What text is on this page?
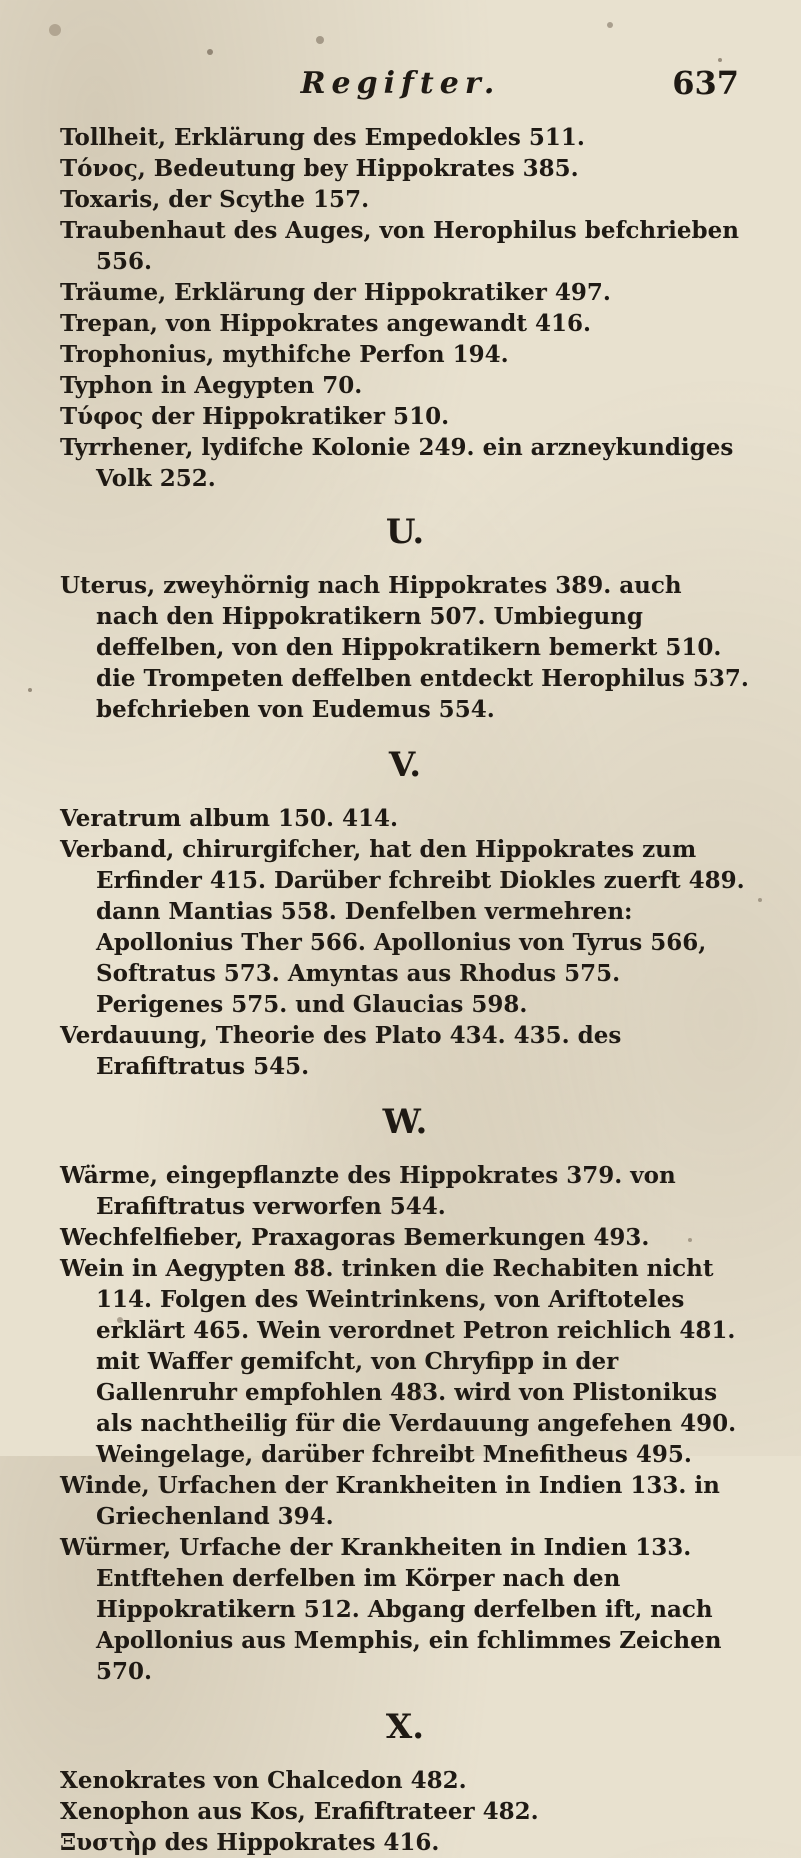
Regifter.	637

Tollheit, Erklärung des Empedokles 511.

Τόνος, Bedeutung bey Hippokrates 385.

Toxaris, der Scythe 157.

Traubenhaut des Auges, von Herophilus befchrieben 556.

Träume, Erklärung der Hippokratiker 497.

Trepan, von Hippokrates angewandt 416.

Trophonius, mythifche Perfon 194.

Typhon in Aegypten 70.

Τύφος der Hippokratiker 510.

Tyrrhener, lydifche Kolonie 249. ein arzneykundiges Volk 252.

U.

Uterus, zweyhörnig nach Hippokrates 389. auch nach den Hippokratikern 507. Umbiegung deffelben, von den Hippokratikern bemerkt 510. die Trompeten deffelben entdeckt Herophilus 537. befchrieben von Eudemus 554.

V.

Veratrum album 150. 414.

Verband, chirurgifcher, hat den Hippokrates zum Erfinder 415. Darüber fchreibt Diokles zuerft 489. dann Mantias 558. Denfelben vermehren: Apollonius Ther 566. Apollonius von Tyrus 566, Softratus 573. Amyntas aus Rhodus 575. Perigenes 575. und Glaucias 598.

Verdauung, Theorie des Plato 434. 435. des Erafiftratus 545.

W.

Wärme, eingepflanzte des Hippokrates 379. von Erafiftratus verworfen 544.

Wechfelfieber, Praxagoras Bemerkungen 493.

Wein in Aegypten 88. trinken die Rechabiten nicht 114. Folgen des Weintrinkens, von Ariftoteles erklärt 465. Wein verordnet Petron reichlich 481. mit Waffer gemifcht, von Chryfipp in der Gallenruhr empfohlen 483. wird von Plistonikus als nachtheilig für die Verdauung angefehen 490. Weingelage, darüber fchreibt Mnefitheus 495.

Winde, Urfachen der Krankheiten in Indien 133. in Griechenland 394.

Würmer, Urfache der Krankheiten in Indien 133. Entftehen derfelben im Körper nach den Hippokratikern 512. Abgang derfelben ift, nach Apollonius aus Memphis, ein fchlimmes Zeichen 570.

X.

Xenokrates von Chalcedon 482.

Xenophon aus Kos, Erafiftrateer 482.

Ξυστὴρ des Hippokrates 416.
